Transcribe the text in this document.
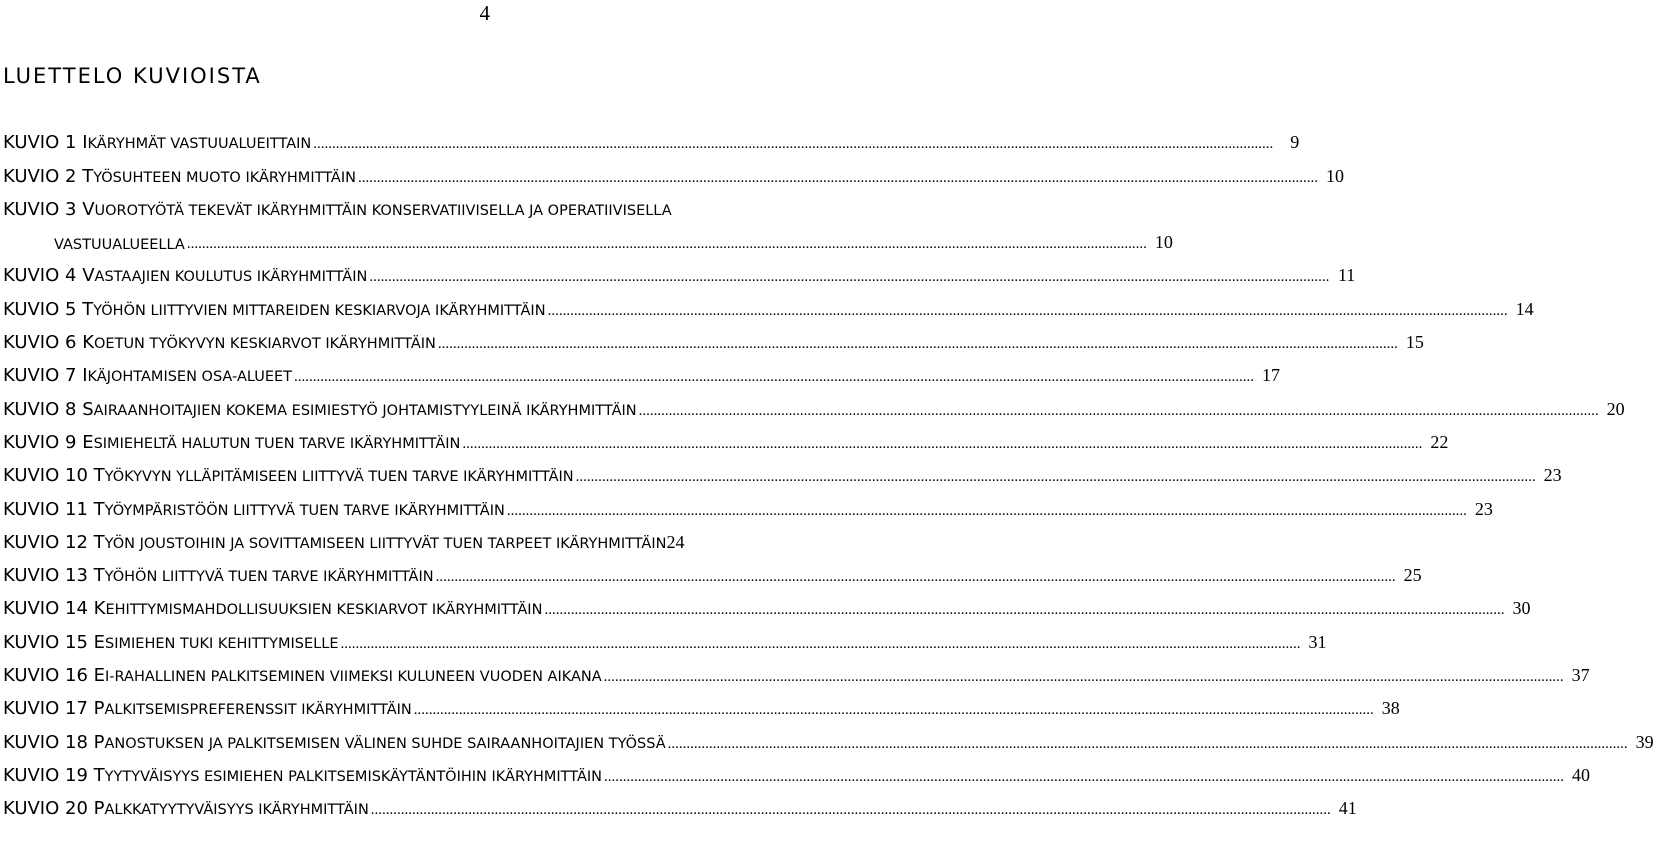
4
LUETTELO KUVIOISTA
KUVIO 1 IKÄRYHMÄT VASTUUALUEITTAIN .....	9
KUVIO 2 TYÖSUHTEEN MUOTO IKÄRYHMITTÄIN .....	10
KUVIO 3 VUOROTYÖTÄ TEKEVÄT IKÄRYHMITTÄIN KONSERVATIIVISELLA JA OPERATIIVISELLA
VASTUUALUEELLA .....	10
KUVIO 4 VASTAAJIEN KOULUTUS IKÄRYHMITTÄIN .....	11
KUVIO 5 TYÖHÖN LIITTYVIEN MITTAREIDEN KESKIARVOJA IKÄRYHMITTÄIN .....	14
KUVIO 6 KOETUN TYÖKYVYN KESKIARVOT IKÄRYHMITTÄIN .....	15
KUVIO 7 IKÄJOHTAMISEN OSA-ALUEET .....	17
KUVIO 8 SAIRAANHOITAJIEN KOKEMA ESIMIESTYÖ JOHTAMISTYYLEINÄ IKÄRYHMITTÄIN .....	20
KUVIO 9 ESIMIEHELTÄ HALUTUN TUEN TARVE IKÄRYHMITTÄIN .....	22
KUVIO 10 TYÖKYVYN YLLÄPITÄMISEEN LIITTYVÄ TUEN TARVE IKÄRYHMITTÄIN .....	23
KUVIO 11 TYÖYMPÄRISTÖÖN LIITTYVÄ TUEN TARVE IKÄRYHMITTÄIN .....	23
KUVIO 12 TYÖN JOUSTOIHIN JA SOVITTAMISEEN LIITTYVÄT TUEN TARPEET IKÄRYHMITTÄIN 24
KUVIO 13 TYÖHÖN LIITTYVÄ TUEN TARVE IKÄRYHMITTÄIN .....	25
KUVIO 14 KEHITTYMISMAHDOLLISUUKSIEN KESKIARVOT IKÄRYHMITTÄIN .....	30
KUVIO 15 ESIMIEHEN TUKI KEHITTYMISELLE .....	31
KUVIO 16 EI-RAHALLINEN PALKITSEMINEN VIIMEKSI KULUNEEN VUODEN AIKANA .....	37
KUVIO 17 PALKITSEMISPREFERENSSIT IKÄRYHMITTÄIN .....	38
KUVIO 18 PANOSTUKSEN JA PALKITSEMISEN VÄLINEN SUHDE SAIRAANHOITAJIEN TYÖSSÄ .....	39
KUVIO 19 TYYTYVÄISYYS ESIMIEHEN PALKITSEMISKÄYTÄNTÖIHIN IKÄRYHMITTÄIN .....	40
KUVIO 20 PALKKATYYTYVÄISYYS IKÄRYHMITTÄIN .....	41
